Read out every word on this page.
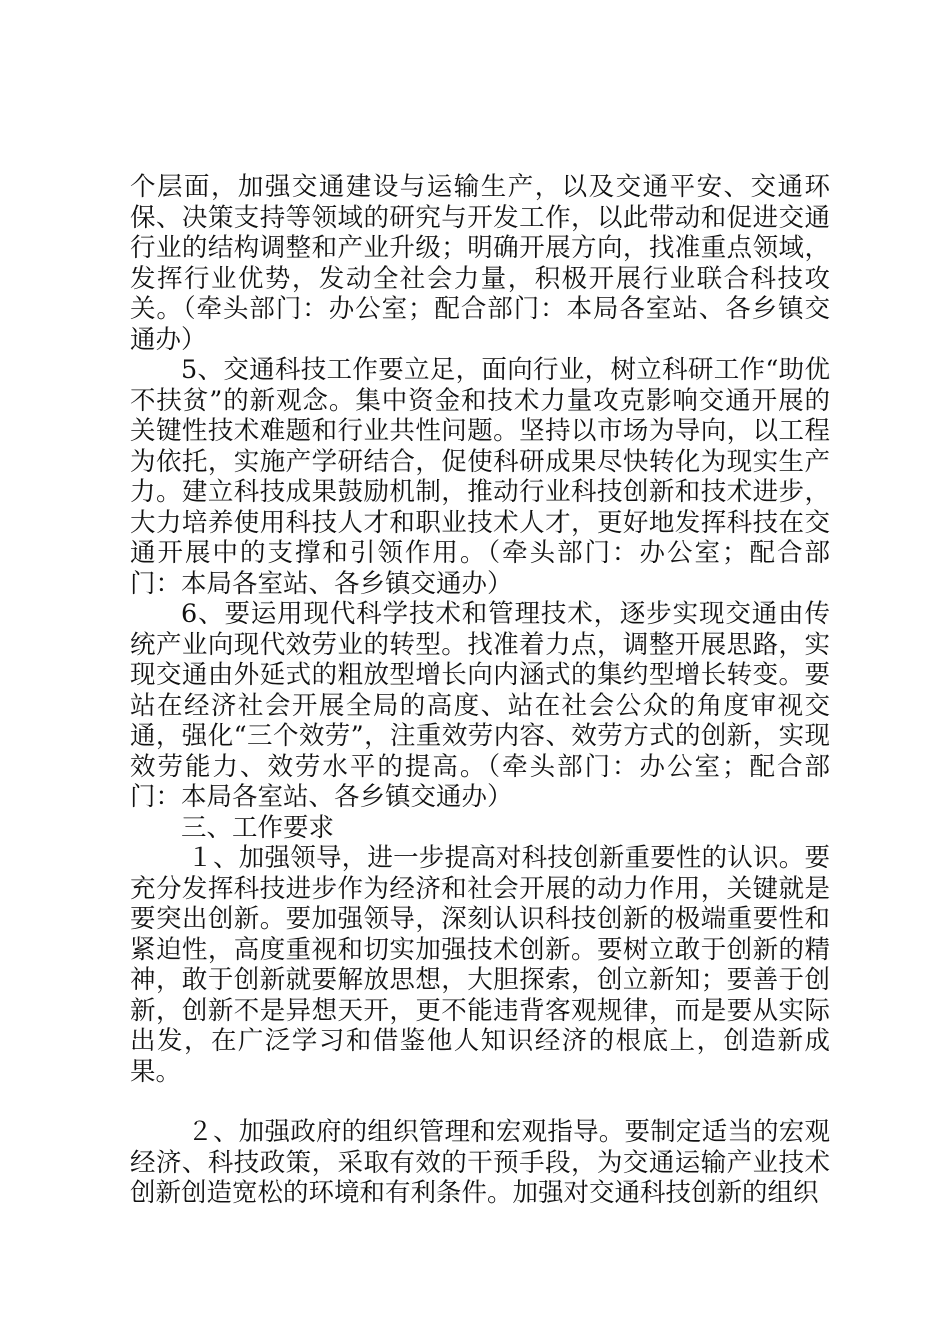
个层面，加强交通建设与运输生产，以及交通平安、交通环保、决策支持等领域的研究与开发工作，以此带动和促进交通行业的结构调整和产业升级；明确开展方向，找准重点领域，发挥行业优势，发动全社会力量，积极开展行业联合科技攻关。（牵头部门：办公室；配合部门：本局各室站、各乡镇交通办）

5、交通科技工作要立足，面向行业，树立科研工作“助优不扶贫”的新观念。集中资金和技术力量攻克影响交通开展的关键性技术难题和行业共性问题。坚持以市场为导向，以工程为依托，实施产学研结合，促使科研成果尽快转化为现实生产力。建立科技成果鼓励机制，推动行业科技创新和技术进步，大力培养使用科技人才和职业技术人才，更好地发挥科技在交通开展中的支撑和引领作用。（牵头部门：办公室；配合部门：本局各室站、各乡镇交通办）

6、要运用现代科学技术和管理技术，逐步实现交通由传统产业向现代效劳业的转型。找准着力点，调整开展思路，实现交通由外延式的粗放型增长向内涵式的集约型增长转变。要站在经济社会开展全局的高度、站在社会公众的角度审视交通，强化“三个效劳”，注重效劳内容、效劳方式的创新，实现效劳能力、效劳水平的提高。（牵头部门：办公室；配合部门：本局各室站、各乡镇交通办）

三、工作要求

１、加强领导，进一步提高对科技创新重要性的认识。要充分发挥科技进步作为经济和社会开展的动力作用，关键就是要突出创新。要加强领导，深刻认识科技创新的极端重要性和紧迫性，高度重视和切实加强技术创新。要树立敢于创新的精神，敢于创新就要解放思想，大胆探索，创立新知；要善于创新，创新不是异想天开，更不能违背客观规律，而是要从实际出发，在广泛学习和借鉴他人知识经济的根底上，创造新成果。

２、加强政府的组织管理和宏观指导。要制定适当的宏观经济、科技政策，采取有效的干预手段，为交通运输产业技术创新创造宽松的环境和有利条件。加强对交通科技创新的组织
